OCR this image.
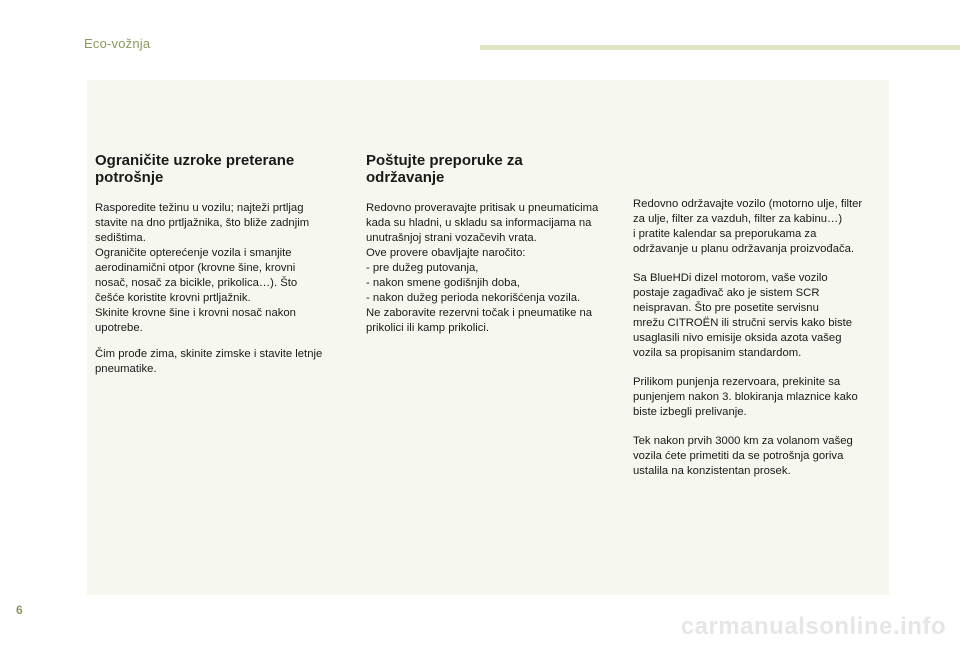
Eco-vožnja
Ograničite uzroke preterane
potrošnje

Rasporedite težinu u vozilu; najteži prtljag
stavite na dno prtljažnika, što bliže zadnjim
sedištima.
Ograničite opterećenje vozila i smanjite
aerodinamični otpor (krovne šine, krovni
nosač, nosač za bicikle, prikolica…). Što
češće koristite krovni prtljažnik.
Skinite krovne šine i krovni nosač nakon
upotrebe.

Čim prođe zima, skinite zimske i stavite letnje
pneumatike.

Poštujte preporuke za
održavanje

Redovno proveravajte pritisak u pneumaticima
kada su hladni, u skladu sa informacijama na
unutrašnjoj strani vozačevih vrata.
Ove provere obavljajte naročito:
- pre dužeg putovanja,
- nakon smene godišnjih doba,
- nakon dužeg perioda nekorišćenja vozila.
Ne zaboravite rezervni točak i pneumatike na
prikolici ili kamp prikolici.

Redovno održavajte vozilo (motorno ulje, filter
za ulje, filter za vazduh, filter za kabinu…)
i pratite kalendar sa preporukama za
održavanje u planu održavanja proizvođača.

Sa BlueHDi dizel motorom, vaše vozilo
postaje zagađivač ako je sistem SCR
neispravan. Što pre posetite servisnu
mrežu CITROËN ili stručni servis kako biste
usaglasili nivo emisije oksida azota vašeg
vozila sa propisanim standardom.

Prilikom punjenja rezervoara, prekinite sa
punjenjem nakon 3. blokiranja mlaznice kako
biste izbegli prelivanje.

Tek nakon prvih 3000 km za volanom vašeg
vozila ćete primetiti da se potrošnja goriva
ustalila na konzistentan prosek.

6
carmanualsonline.info
